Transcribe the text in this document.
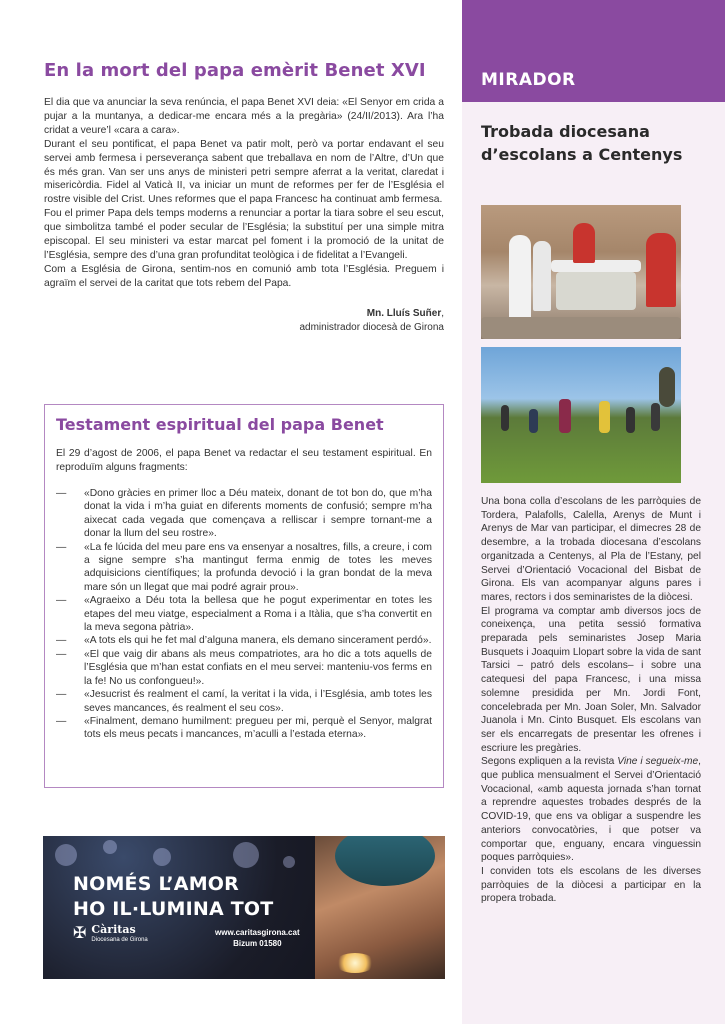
En la mort del papa emèrit Benet XVI

El dia que va anunciar la seva renúncia, el papa Benet XVI deia: «El Senyor em crida a pujar a la muntanya, a dedicar-me encara més a la pregària» (24/II/2013). Ara l’ha cridat a veure’l «cara a cara».

Durant el seu pontificat, el papa Benet va patir molt, però va portar endavant el seu servei amb fermesa i perseverança sabent que treballava en nom de l’Altre, d’Un que és més gran. Van ser uns anys de ministeri petri sempre aferrat a la veritat, claredat i misericòrdia. Fidel al Vaticà II, va iniciar un munt de reformes per fer de l’Església el rostre visible del Crist. Unes reformes que el papa Francesc ha continuat amb fermesa.

Fou el primer Papa dels temps moderns a renunciar a portar la tiara sobre el seu escut, que simbolitza també el poder secular de l’Església; la substituí per una simple mitra episcopal. El seu ministeri va estar marcat pel foment i la promoció de la unitat de l’Església, sempre des d’una gran profunditat teològica i de fidelitat a l’Evangeli.

Com a Església de Girona, sentim-nos en comunió amb tota l’Església. Preguem i agraïm el servei de la caritat que tots rebem del Papa.

Mn. Lluís Suñer,
administrador diocesà de Girona
Testament espiritual del papa Benet

El 29 d’agost de 2006, el papa Benet va redactar el seu testament espiritual. En reproduïm alguns fragments:

— «Dono gràcies en primer lloc a Déu mateix, donant de tot bon do, que m’ha donat la vida i m’ha guiat en diferents moments de confusió; sempre m’ha aixecat cada vegada que començava a relliscar i sempre tornant-me a donar la llum del seu rostre».
— «La fe lúcida del meu pare ens va ensenyar a nosaltres, fills, a creure, i com a signe sempre s’ha mantingut ferma enmig de totes les meves adquisicions científiques; la profunda devoció i la gran bondat de la meva mare són un llegat que mai podré agrair prou».
— «Agraeixo a Déu tota la bellesa que he pogut experimentar en totes les etapes del meu viatge, especialment a Roma i a Itàlia, que s’ha convertit en la meva segona pàtria».
— «A tots els qui he fet mal d’alguna manera, els demano sincerament perdó».
— «El que vaig dir abans als meus compatriotes, ara ho dic a tots aquells de l’Església que m’han estat confiats en el meu servei: manteniu-vos ferms en la fe! No us confongueu!».
— «Jesucrist és realment el camí, la veritat i la vida, i l’Església, amb totes les seves mancances, és realment el seu cos».
— «Finalment, demano humilment: pregueu per mi, perquè el Senyor, malgrat tots els meus pecats i mancances, m’aculli a l’estada eterna».
NOMÉS L’AMOR
HO IL·LUMINA TOT
✠ Càritas
Diocesana de Girona
www.caritasgirona.cat
Bizum 01580
MIRADOR
Trobada diocesana d’escolans a Centenys

Una bona colla d’escolans de les parròquies de Tordera, Palafolls, Calella, Arenys de Munt i Arenys de Mar van participar, el dimecres 28 de desembre, a la trobada diocesana d’escolans organitzada a Centenys, al Pla de l’Estany, pel Servei d’Orientació Vocacional del Bisbat de Girona. Els van acompanyar alguns pares i mares, rectors i dos seminaristes de la diòcesi.

El programa va comptar amb diversos jocs de coneixença, una petita sessió formativa preparada pels seminaristes Josep Maria Busquets i Joaquim Llopart sobre la vida de sant Tarsici – patró dels escolans– i sobre una catequesi del papa Francesc, i una missa solemne presidida per Mn. Jordi Font, concelebrada per Mn. Joan Soler, Mn. Salvador Juanola i Mn. Cinto Busquet. Els escolans van ser els encarregats de presentar les ofrenes i escriure les pregàries.

Segons expliquen a la revista Vine i segueix-me, que publica mensualment el Servei d’Orientació Vocacional, «amb aquesta jornada s’han tornat a reprendre aquestes trobades després de la COVID-19, que ens va obligar a suspendre les anteriors convocatòries, i que potser va comportar que, enguany, encara vinguessin poques parròquies».

I conviden tots els escolans de les diverses parròquies de la diòcesi a participar en la propera trobada.
